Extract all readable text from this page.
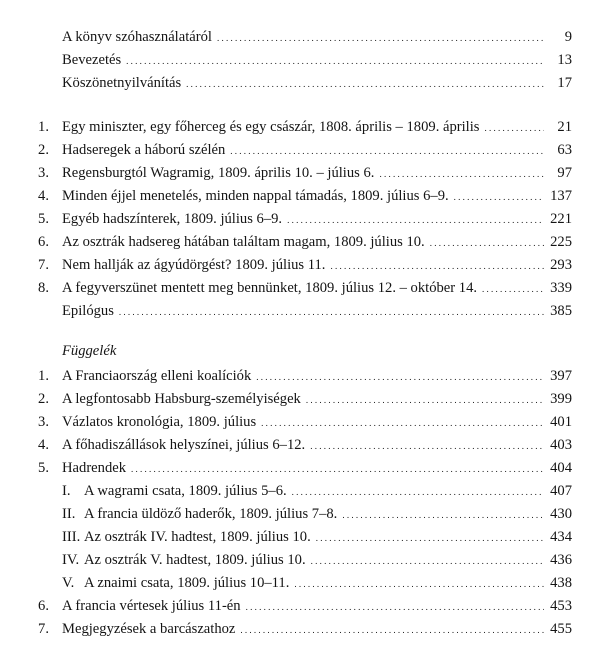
A könyv szóhasználatáról . . .	9
Bevezetés . . .	13
Köszönetnyilvánítás . . .	17
1. Egy miniszter, egy főherceg és egy császár, 1808. április – 1809. április . . .	21
2. Hadseregek a háború szélén . . .	63
3. Regensburgtól Wagramig, 1809. április 10. – július 6. . . .	97
4. Minden éjjel menetelés, minden nappal támadás, 1809. július 6–9. . . .	137
5. Egyéb hadszínterek, 1809. július 6–9. . . .	221
6. Az osztrák hadsereg hátában találtam magam, 1809. július 10. . . .	225
7. Nem hallják az ágyúdörgést? 1809. július 11. . . .	293
8. A fegyverszünet mentett meg bennünket, 1809. július 12. – október 14. . . .	339
Epilógus . . .	385
Függelék
1. A Franciaország elleni koalíciók . . .	397
2. A legfontosabb Habsburg-személyiségek . . .	399
3. Vázlatos kronológia, 1809. július . . .	401
4. A főhadiszállások helyszínei, július 6–12. . . .	403
5. Hadrendek . . .	404
I. A wagrami csata, 1809. július 5–6. . . .	407
II. A francia üldöző haderők, 1809. július 7–8. . . .	430
III. Az osztrák IV. hadtest, 1809. július 10. . . .	434
IV. Az osztrák V. hadtest, 1809. július 10. . . .	436
V. A znaimi csata, 1809. július 10–11. . . .	438
6. A francia vértesek július 11-én . . .	453
7. Megjegyzések a barcászathoz . . .	455
